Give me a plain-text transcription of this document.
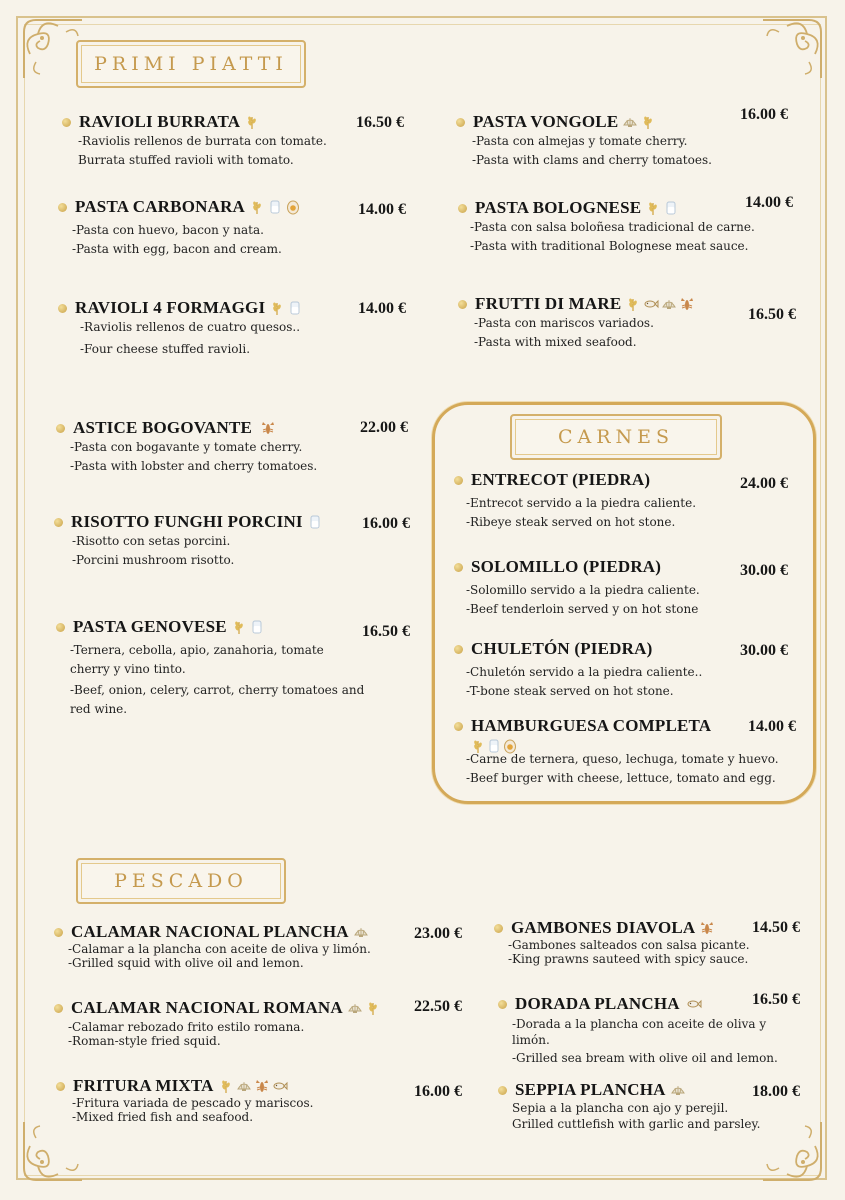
PRIMI PIATTI
CARNES
PESCADO
RAVIOLI BURRATA
-Raviolis rellenos de burrata con tomate.
Burrata stuffed ravioli with tomato.
16.50 €
PASTA CARBONARA
-Pasta con huevo, bacon y nata.
-Pasta with egg, bacon and cream.
14.00 €
RAVIOLI 4 FORMAGGI
-Raviolis rellenos de cuatro quesos..
-Four cheese stuffed ravioli.
14.00 €
ASTICE BOGOVANTE
-Pasta con bogavante y tomate cherry.
-Pasta with lobster and cherry tomatoes.
22.00 €
RISOTTO FUNGHI PORCINI
-Risotto con setas porcini.
-Porcini mushroom risotto.
16.00 €
PASTA GENOVESE
-Ternera, cebolla, apio, zanahoria, tomate cherry y vino tinto.
-Beef, onion, celery, carrot, cherry tomatoes and red wine.
16.50 €
PASTA VONGOLE
-Pasta con almejas y tomate cherry.
-Pasta with clams and cherry tomatoes.
16.00 €
PASTA BOLOGNESE
-Pasta con salsa boloñesa tradicional de carne.
-Pasta with traditional Bolognese meat sauce.
14.00 €
FRUTTI DI MARE
-Pasta con mariscos variados.
-Pasta with mixed seafood.
16.50 €
ENTRECOT (PIEDRA)
-Entrecot servido a la piedra caliente.
-Ribeye steak served on hot stone.
24.00 €
SOLOMILLO (PIEDRA)
-Solomillo servido a la piedra caliente.
-Beef tenderloin served y on hot stone
30.00 €
CHULETÓN (PIEDRA)
-Chuletón servido a la piedra caliente..
-T-bone steak served on hot stone.
30.00 €
HAMBURGUESA COMPLETA
-Carne de ternera, queso, lechuga, tomate y huevo.
-Beef burger with cheese, lettuce, tomato and egg.
14.00 €
CALAMAR NACIONAL PLANCHA
-Calamar a la plancha con aceite de oliva y limón.
-Grilled squid with olive oil and lemon.
23.00 €
CALAMAR NACIONAL ROMANA
-Calamar rebozado frito estilo romana.
-Roman-style fried squid.
22.50 €
FRITURA MIXTA
-Fritura variada de pescado y mariscos.
-Mixed fried fish and seafood.
16.00 €
GAMBONES DIAVOLA
-Gambones salteados con salsa picante.
-King prawns sauteed with spicy sauce.
14.50 €
DORADA PLANCHA
-Dorada a la plancha con aceite de oliva y limón.
-Grilled sea bream with olive oil and lemon.
16.50 €
SEPPIA PLANCHA
Sepia a la plancha con ajo y perejil.
Grilled cuttlefish with garlic and parsley.
18.00 €
